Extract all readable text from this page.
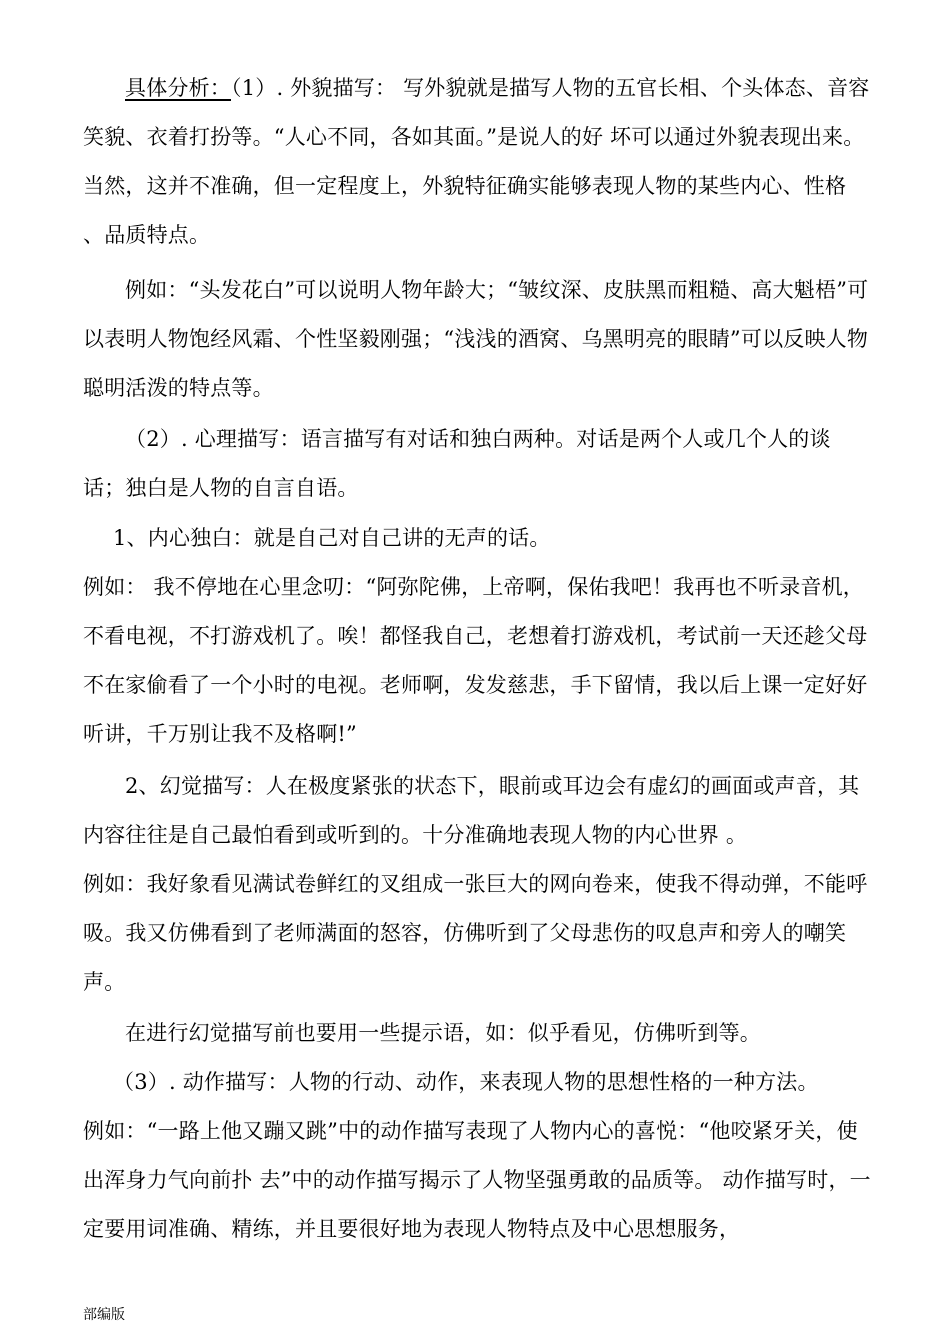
具体分析：（1）. 外貌描写： 写外貌就是描写人物的五官长相、个头体态、音容笑貌、衣着打扮等。“人心不同，各如其面。”是说人的好 坏可以通过外貌表现出来。当然，这并不准确，但一定程度上，外貌特征确实能够表现人物的某些内心、性格 、品质特点。

例如：“头发花白”可以说明人物年龄大；“皱纹深、皮肤黑而粗糙、高大魁梧”可以表明人物饱经风霜、个性坚毅刚强；“浅浅的酒窝、乌黑明亮的眼睛”可以反映人物聪明活泼的特点等。

（2）. 心理描写：语言描写有对话和独白两种。对话是两个人或几个人的谈话；独白是人物的自言自语。

1、内心独白：就是自己对自己讲的无声的话。

例如： 我不停地在心里念叨：“阿弥陀佛，上帝啊，保佑我吧！我再也不听录音机，不看电视，不打游戏机了。唉！都怪我自己，老想着打游戏机，考试前一天还趁父母不在家偷看了一个小时的电视。老师啊，发发慈悲，手下留情，我以后上课一定好好听讲，千万别让我不及格啊!”

2、幻觉描写：人在极度紧张的状态下，眼前或耳边会有虚幻的画面或声音，其内容往往是自己最怕看到或听到的。十分准确地表现人物的内心世界 。

例如：我好象看见满试卷鲜红的叉组成一张巨大的网向卷来，使我不得动弹，不能呼吸。我又仿佛看到了老师满面的怒容，仿佛听到了父母悲伤的叹息声和旁人的嘲笑声。

在进行幻觉描写前也要用一些提示语，如：似乎看见，仿佛听到等。

（3）. 动作描写：人物的行动、动作，来表现人物的思想性格的一种方法。

例如：“一路上他又蹦又跳”中的动作描写表现了人物内心的喜悦：“他咬紧牙关，使出浑身力气向前扑 去”中的动作描写揭示了人物坚强勇敢的品质等。 动作描写时，一定要用词准确、精练，并且要很好地为表现人物特点及中心思想服务，

部编版
